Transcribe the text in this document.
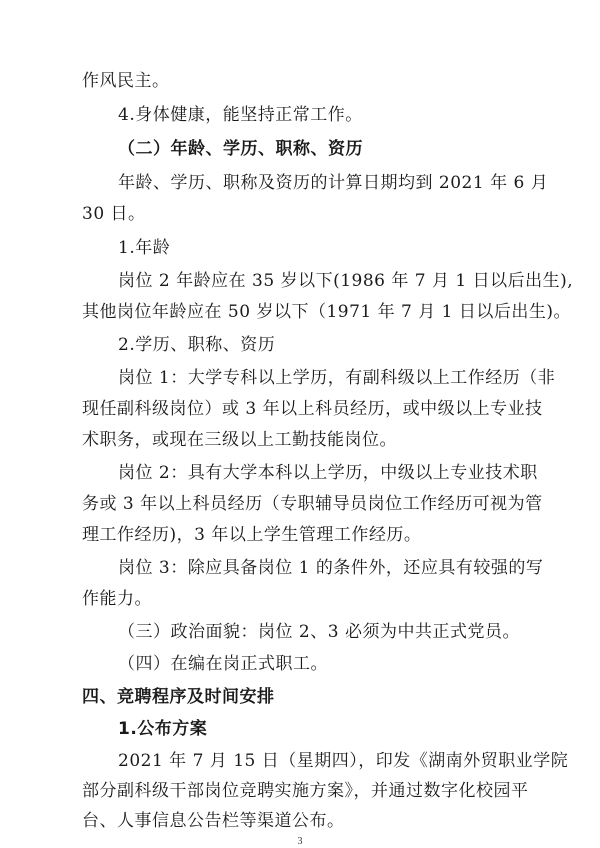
作风民主。
4.身体健康，能坚持正常工作。
（二）年龄、学历、职称、资历
年龄、学历、职称及资历的计算日期均到 2021 年 6 月
30 日。
1.年龄
岗位 2 年龄应在 35 岁以下(1986 年 7 月 1 日以后出生),
其他岗位年龄应在 50 岁以下（1971 年 7 月 1 日以后出生)。
2.学历、职称、资历
岗位 1：大学专科以上学历，有副科级以上工作经历（非
现任副科级岗位）或 3 年以上科员经历，或中级以上专业技
术职务，或现在三级以上工勤技能岗位。
岗位 2：具有大学本科以上学历，中级以上专业技术职
务或 3 年以上科员经历（专职辅导员岗位工作经历可视为管
理工作经历)，3 年以上学生管理工作经历。
岗位 3：除应具备岗位 1 的条件外，还应具有较强的写
作能力。
（三）政治面貌：岗位 2、3 必须为中共正式党员。
（四）在编在岗正式职工。
四、竞聘程序及时间安排
1.公布方案
2021 年 7 月 15 日（星期四），印发《湖南外贸职业学院
部分副科级干部岗位竞聘实施方案》，并通过数字化校园平
台、人事信息公告栏等渠道公布。
3
